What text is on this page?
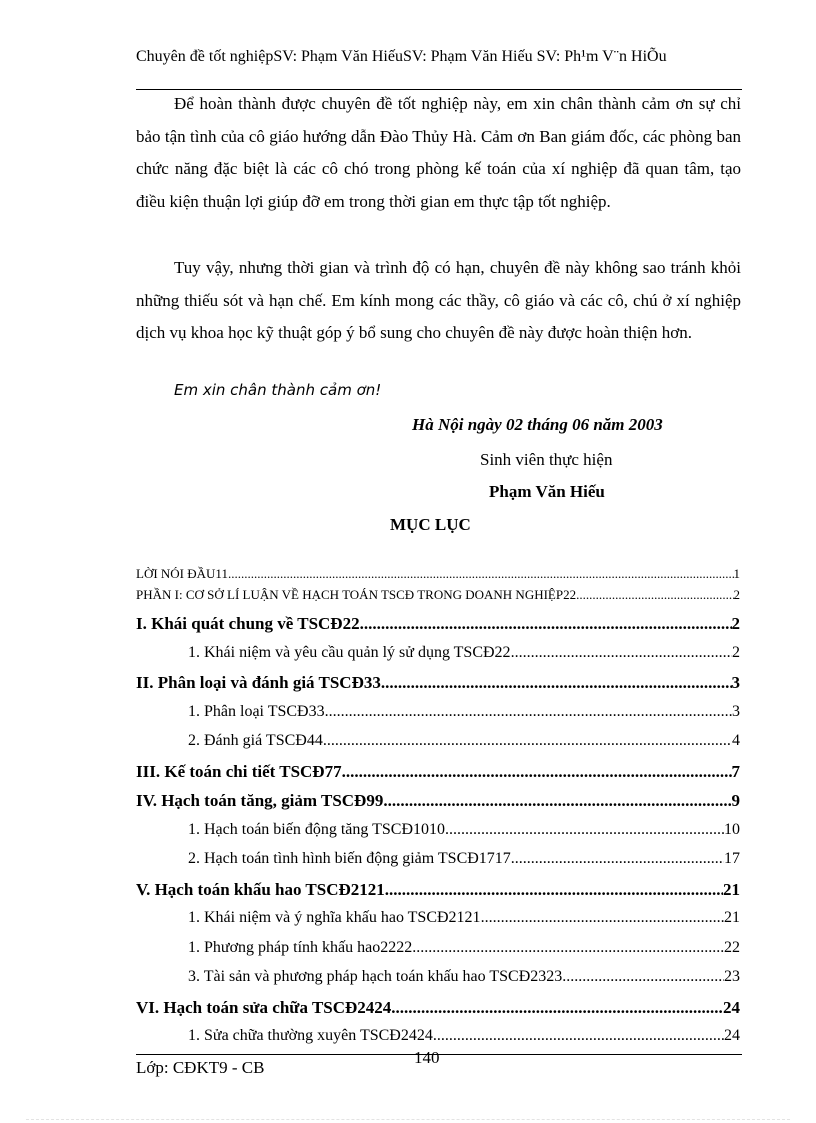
Chuyên đề tốt nghiệpSV: Phạm Văn HiếuSV: Phạm Văn Hiếu SV: Ph¹m V¨n HiÕu
Để hoàn thành được chuyên đề tốt nghiệp này, em xin chân thành cảm ơn sự chỉ bảo tận tình của cô giáo hướng dẫn Đào Thủy Hà. Cảm ơn Ban giám đốc, các phòng ban chức năng đặc biệt là các cô chó trong phòng kế toán của xí nghiệp đã quan tâm, tạo điều kiện thuận lợi giúp đỡ em trong thời gian em thực tập tốt nghiệp.
Tuy vậy, nhưng thời gian và trình độ có hạn, chuyên đề này không sao tránh khỏi những thiếu sót và hạn chế. Em kính mong các thầy, cô giáo và các cô, chú ở xí nghiệp dịch vụ khoa học kỹ thuật góp ý bổ sung cho chuyên đề này được hoàn thiện hơn.
Em xin chân thành cảm ơn!
Hà Nội ngày 02 tháng 06 năm 2003
Sinh viên thực hiện
Phạm Văn Hiếu
MỤC LỤC
LỜI NÓI ĐẦU11 .....	1
PHẦN I: CƠ SỞ LÍ LUẬN VỀ HẠCH TOÁN TSCĐ TRONG DOANH NGHIỆP22 .....	2
I. Khái quát chung về TSCĐ22 .....	2
1. Khái niệm và yêu cầu quản lý sử dụng TSCĐ22 .....	2
II. Phân loại và đánh giá TSCĐ33 .....	3
1. Phân loại TSCĐ33 .....	3
2. Đánh giá TSCĐ44 .....	4
III. Kế toán chi tiết TSCĐ77 .....	7
IV. Hạch toán tăng, giảm TSCĐ99 .....	9
1. Hạch toán biến động tăng TSCĐ1010 .....	10
2. Hạch toán tình hình biến động giảm TSCĐ1717 .....	17
V. Hạch toán khấu hao TSCĐ2121 .....	21
1. Khái niệm và ý nghĩa khấu hao TSCĐ2121 .....	21
1. Phương pháp tính khấu hao2222 .....	22
3. Tài sản và phương pháp hạch toán khấu hao TSCĐ2323 .....	23
VI. Hạch toán sửa chữa TSCĐ2424 .....	24
1. Sửa chữa thường xuyên TSCĐ2424 .....	24
140
Lớp: CĐKT9 - CB
